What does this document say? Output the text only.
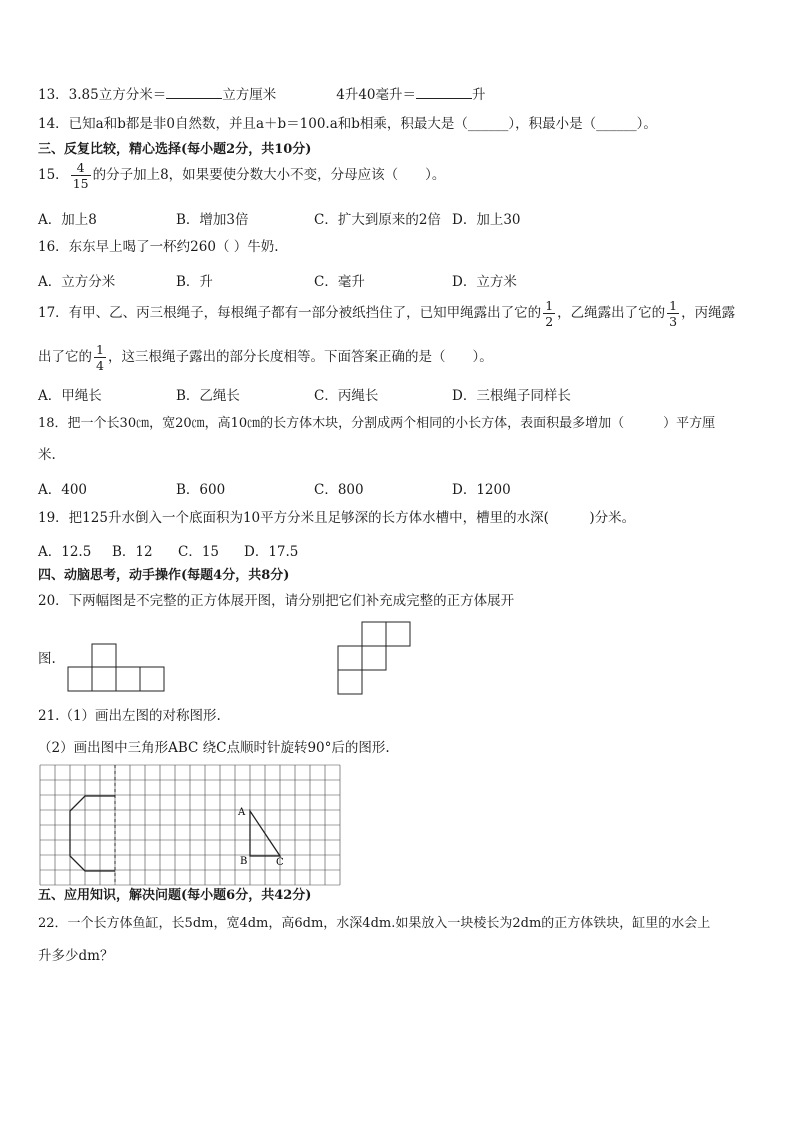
13．3.85立方分米＝	立方厘米	4升40毫升＝	升
14．已知a和b都是非0自然数，并且a＋b＝100.a和b相乘，积最大是（______），积最小是（______）。
三、反复比较，精心选择(每小题2分，共10分)
15． $\frac{4}{15}$ 的分子加上8，如果要使分数大小不变，分母应该（　　）。
A．加上8	B．增加3倍	C．扩大到原来的2倍 D．加上30
16．东东早上喝了一杯约260（ ）牛奶.
A．立方分米	B．升	C．毫升	D．立方米
17．有甲、乙、丙三根绳子，每根绳子都有一部分被纸挡住了，已知甲绳露出了它的 $\frac{1}{2}$ ，乙绳露出了它的 $\frac{1}{3}$ ，丙绳露
出了它的 $\frac{1}{4}$ ，这三根绳子露出的部分长度相等。下面答案正确的是（　　）。
A．甲绳长	B．乙绳长	C．丙绳长	D．三根绳子同样长
18．把一个长30㎝，宽20㎝，高10㎝的长方体木块，分割成两个相同的小长方体，表面积最多增加（　　　）平方厘
米.
A．400	B．600	C．800	D．1200
19．把125升水倒入一个底面积为10平方分米且足够深的长方体水槽中，槽里的水深(　　　)分米。
A．12.5 B．12 C．15 D．17.5
四、动脑思考，动手操作(每题4分，共8分)
20．下两幅图是不完整的正方体展开图，请分别把它们补充成完整的正方体展开
图.
21.（1）画出左图的对称图形.
（2）画出图中三角形ABC 绕C点顺时针旋转90°后的图形.
A
B	C
五、应用知识，解决问题(每小题6分，共42分)
22．一个长方体鱼缸，长5dm，宽4dm，高6dm，水深4dm.如果放入一块棱长为2dm的正方体铁块，缸里的水会上
升多少dm？
